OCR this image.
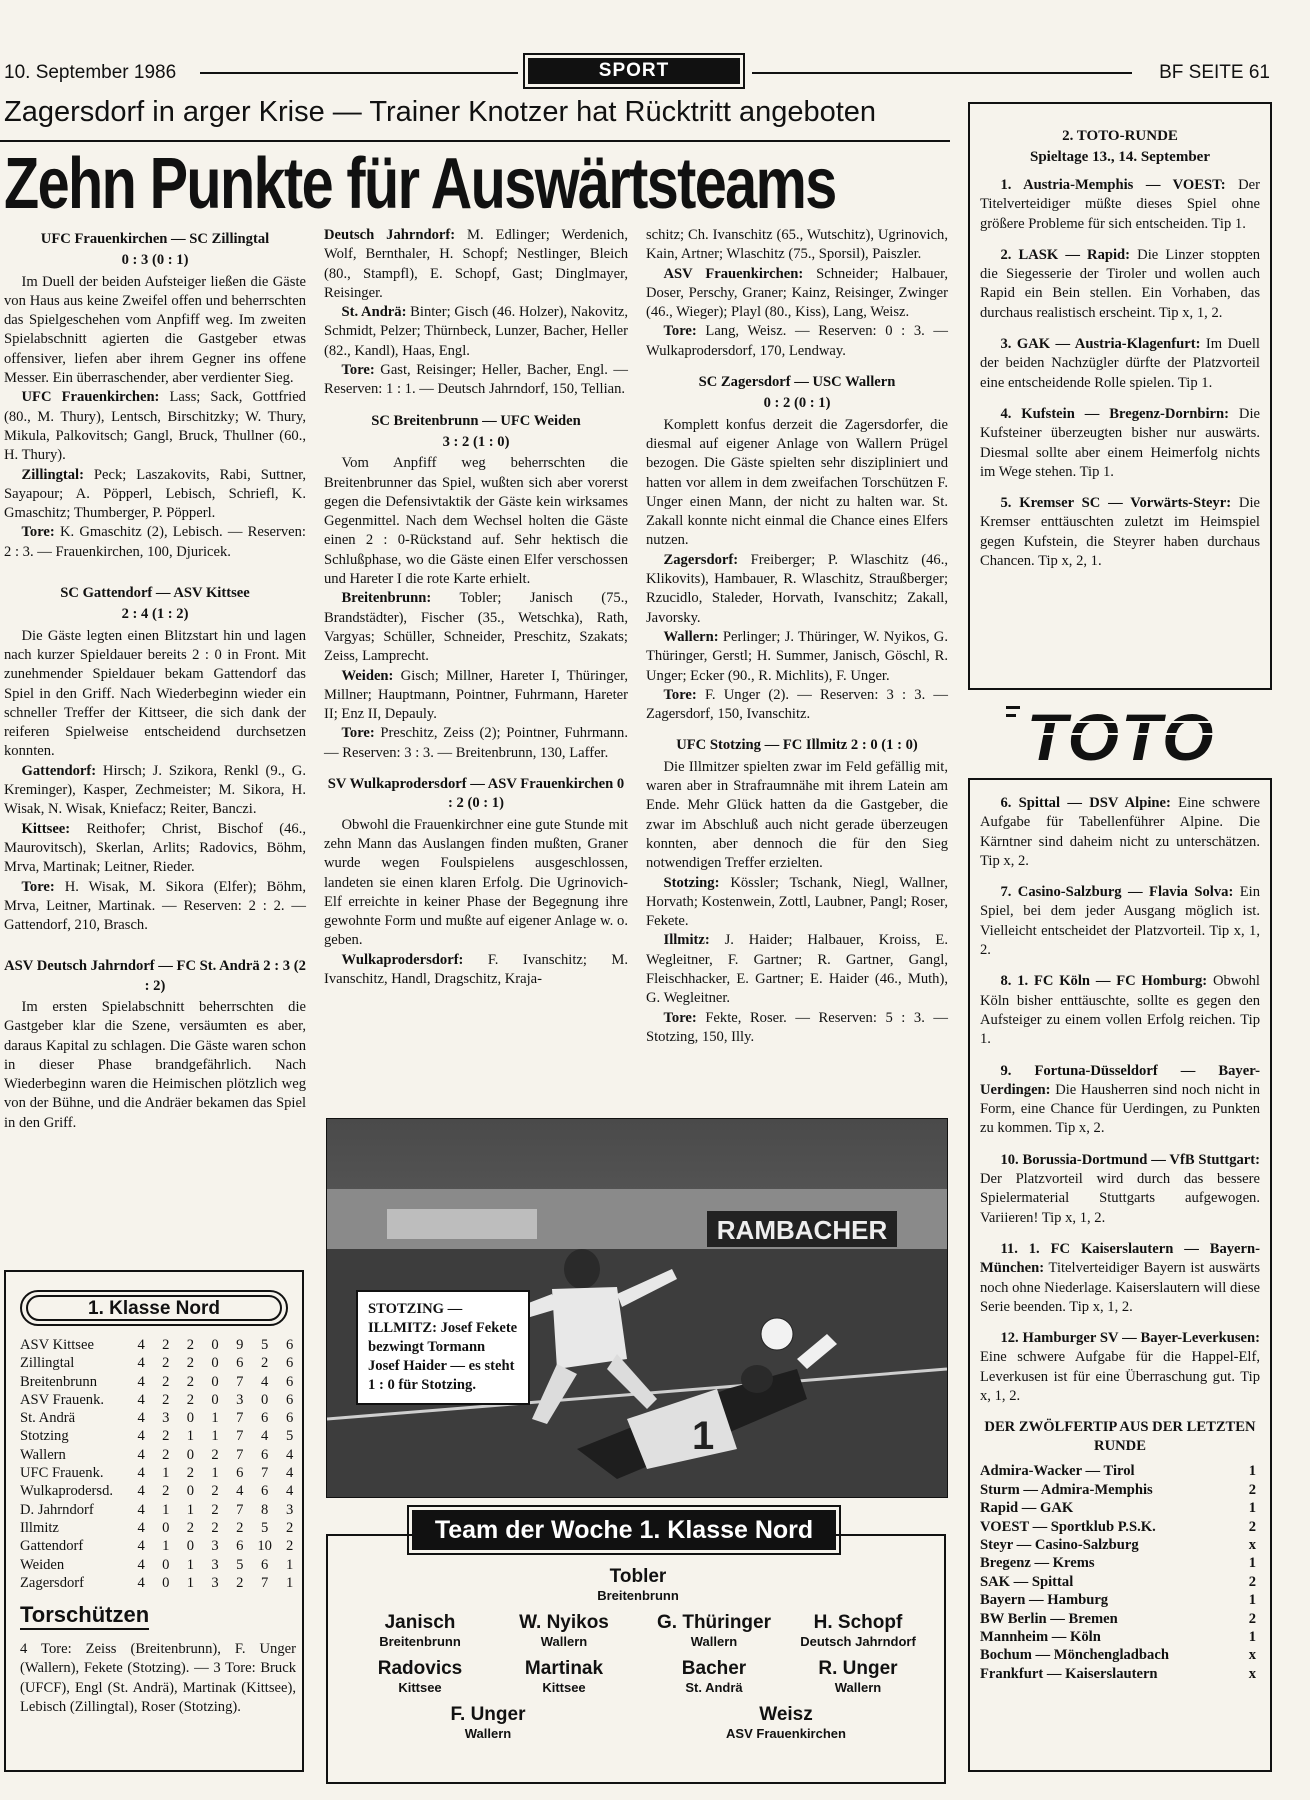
10. September 1986	SPORT	BF SEITE 61
Zagersdorf in arger Krise — Trainer Knotzer hat Rücktritt angeboten
Zehn Punkte für Auswärtsteams
UFC Frauenkirchen — SC Zillingtal
0 : 3 (0 : 1)

Im Duell der beiden Aufsteiger ließen die Gäste von Haus aus keine Zweifel offen und beherrschten das Spielgeschehen vom Anpfiff weg. Im zweiten Spielabschnitt agierten die Gastgeber etwas offensiver, liefen aber ihrem Gegner ins offene Messer. Ein überraschender, aber verdienter Sieg.

UFC Frauenkirchen: Lass; Sack, Gottfried (80., M. Thury), Lentsch, Birschitzky; W. Thury, Mikula, Palkovitsch; Gangl, Bruck, Thullner (60., H. Thury).

Zillingtal: Peck; Laszakovits, Rabi, Suttner, Sayapour; A. Pöpperl, Lebisch, Schriefl, K. Gmaschitz; Thumberger, P. Pöpperl.

Tore: K. Gmaschitz (2), Lebisch. — Reserven: 2 : 3. — Frauenkirchen, 100, Djuricek.

SC Gattendorf — ASV Kittsee
2 : 4 (1 : 2)

Die Gäste legten einen Blitzstart hin und lagen nach kurzer Spieldauer bereits 2 : 0 in Front. Mit zunehmender Spieldauer bekam Gattendorf das Spiel in den Griff. Nach Wiederbeginn wieder ein schneller Treffer der Kittseer, die sich dank der reiferen Spielweise entscheidend durchsetzen konnten.

Gattendorf: Hirsch; J. Szikora, Renkl (9., G. Kreminger), Kasper, Zechmeister; M. Sikora, H. Wisak, N. Wisak, Kniefacz; Reiter, Banczi.

Kittsee: Reithofer; Christ, Bischof (46., Maurovitsch), Skerlan, Arlits; Radovics, Böhm, Mrva, Martinak; Leitner, Rieder.

Tore: H. Wisak, M. Sikora (Elfer); Böhm, Mrva, Leitner, Martinak. — Reserven: 2 : 2. — Gattendorf, 210, Brasch.

ASV Deutsch Jahrndorf — FC St. Andrä 2 : 3 (2 : 2)

Im ersten Spielabschnitt beherrschten die Gastgeber klar die Szene, versäumten es aber, daraus Kapital zu schlagen. Die Gäste waren schon in dieser Phase brandgefährlich. Nach Wiederbeginn waren die Heimischen plötzlich weg von der Bühne, und die Andräer bekamen das Spiel in den Griff.

Deutsch Jahrndorf: M. Edlinger; Werdenich, Wolf, Bernthaler, H. Schopf; Nestlinger, Bleich (80., Stampfl), E. Schopf, Gast; Dinglmayer, Reisinger.

St. Andrä: Binter; Gisch (46. Holzer), Nakovitz, Schmidt, Pelzer; Thürnbeck, Lunzer, Bacher, Heller (82., Kandl), Haas, Engl.

Tore: Gast, Reisinger; Heller, Bacher, Engl. — Reserven: 1 : 1. — Deutsch Jahrndorf, 150, Tellian.

SC Breitenbrunn — UFC Weiden
3 : 2 (1 : 0)

Vom Anpfiff weg beherrschten die Breitenbrunner das Spiel, wußten sich aber vorerst gegen die Defensivtaktik der Gäste kein wirksames Gegenmittel. Nach dem Wechsel holten die Gäste einen 2 : 0-Rückstand auf. Sehr hektisch die Schlußphase, wo die Gäste einen Elfer verschossen und Hareter I die rote Karte erhielt.

Breitenbrunn: Tobler; Janisch (75., Brandstädter), Fischer (35., Wetschka), Rath, Vargyas; Schüller, Schneider, Preschitz, Szakats; Zeiss, Lamprecht.

Weiden: Gisch; Millner, Hareter I, Thüringer, Millner; Hauptmann, Pointner, Fuhrmann, Hareter II; Enz II, Depauly.

Tore: Preschitz, Zeiss (2); Pointner, Fuhrmann. — Reserven: 3 : 3. — Breitenbrunn, 130, Laffer.

SV Wulkaprodersdorf — ASV Frauenkirchen 0 : 2 (0 : 1)

Obwohl die Frauenkirchner eine gute Stunde mit zehn Mann das Auslangen finden mußten, Graner wurde wegen Foulspielens ausgeschlossen, landeten sie einen klaren Erfolg. Die Ugrinovich-Elf erreichte in keiner Phase der Begegnung ihre gewohnte Form und mußte auf eigener Anlage w. o. geben.

Wulkaprodersdorf: F. Ivanschitz; M. Ivanschitz, Handl, Dragschitz, Kraja-

schitz; Ch. Ivanschitz (65., Wutschitz), Ugrinovich, Kain, Artner; Wlaschitz (75., Sporsil), Paiszler.

ASV Frauenkirchen: Schneider; Halbauer, Doser, Perschy, Graner; Kainz, Reisinger, Zwinger (46., Wieger); Playl (80., Kiss), Lang, Weisz.

Tore: Lang, Weisz. — Reserven: 0 : 3. — Wulkaprodersdorf, 170, Lendway.

SC Zagersdorf — USC Wallern
0 : 2 (0 : 1)

Komplett konfus derzeit die Zagersdorfer, die diesmal auf eigener Anlage von Wallern Prügel bezogen. Die Gäste spielten sehr diszipliniert und hatten vor allem in dem zweifachen Torschützen F. Unger einen Mann, der nicht zu halten war. St. Zakall konnte nicht einmal die Chance eines Elfers nutzen.

Zagersdorf: Freiberger; P. Wlaschitz (46., Klikovits), Hambauer, R. Wlaschitz, Straußberger; Rzucidlo, Staleder, Horvath, Ivanschitz; Zakall, Javorsky.

Wallern: Perlinger; J. Thüringer, W. Nyikos, G. Thüringer, Gerstl; H. Summer, Janisch, Göschl, R. Unger; Ecker (90., R. Michlits), F. Unger.

Tore: F. Unger (2). — Reserven: 3 : 3. — Zagersdorf, 150, Ivanschitz.

UFC Stotzing — FC Illmitz 2 : 0 (1 : 0)

Die Illmitzer spielten zwar im Feld gefällig mit, waren aber in Strafraumnähe mit ihrem Latein am Ende. Mehr Glück hatten da die Gastgeber, die zwar im Abschluß auch nicht gerade überzeugen konnten, aber dennoch die für den Sieg notwendigen Treffer erzielten.

Stotzing: Kössler; Tschank, Niegl, Wallner, Horvath; Kostenwein, Zottl, Laubner, Pangl; Roser, Fekete.

Illmitz: J. Haider; Halbauer, Kroiss, E. Wegleitner, F. Gartner; R. Gartner, Gangl, Fleischhacker, E. Gartner; E. Haider (46., Muth), G. Wegleitner.

Tore: Fekte, Roser. — Reserven: 5 : 3. — Stotzing, 150, Illy.

RAMBACHER
1
STOTZING — ILLMITZ: Josef Fekete bezwingt Tormann Josef Haider — es steht 1 : 0 für Stotzing.
1. Klasse Nord
ASV Kittsee	4	2	2	0	9	5	6
Zillingtal	4	2	2	0	6	2	6
Breitenbrunn	4	2	2	0	7	4	6
ASV Frauenk.	4	2	2	0	3	0	6
St. Andrä	4	3	0	1	7	6	6
Stotzing	4	2	1	1	7	4	5
Wallern	4	2	0	2	7	6	4
UFC Frauenk.	4	1	2	1	6	7	4
Wulkaprodersd.	4	2	0	2	4	6	4
D. Jahrndorf	4	1	1	2	7	8	3
Illmitz	4	0	2	2	2	5	2
Gattendorf	4	1	0	3	6	10	2
Weiden	4	0	1	3	5	6	1
Zagersdorf	4	0	1	3	2	7	1
Torschützen
4 Tore: Zeiss (Breitenbrunn), F. Unger (Wallern), Fekete (Stotzing). — 3 Tore: Bruck (UFCF), Engl (St. Andrä), Martinak (Kittsee), Lebisch (Zillingtal), Roser (Stotzing).
Tobler
Breitenbrunn
Janisch
Breitenbrunn
W. Nyikos
Wallern
G. Thüringer
Wallern
H. Schopf
Deutsch Jahrndorf
Radovics
Kittsee
Martinak
Kittsee
Bacher
St. Andrä
R. Unger
Wallern
F. Unger
Wallern
Weisz
ASV Frauenkirchen
Team der Woche 1. Klasse Nord
2. TOTO-RUNDE
Spieltage 13., 14. September

1. Austria-Memphis — VOEST: Der Titelverteidiger müßte dieses Spiel ohne größere Probleme für sich entscheiden. Tip 1.

2. LASK — Rapid: Die Linzer stoppten die Siegesserie der Tiroler und wollen auch Rapid ein Bein stellen. Ein Vorhaben, das durchaus realistisch erscheint. Tip x, 1, 2.

3. GAK — Austria-Klagenfurt: Im Duell der beiden Nachzügler dürfte der Platzvorteil eine entscheidende Rolle spielen. Tip 1.

4. Kufstein — Bregenz-Dornbirn: Die Kufsteiner überzeugten bisher nur auswärts. Diesmal sollte aber einem Heimerfolg nichts im Wege stehen. Tip 1.

5. Kremser SC — Vorwärts-Steyr: Die Kremser enttäuschten zuletzt im Heimspiel gegen Kufstein, die Steyrer haben durchaus Chancen. Tip x, 2, 1.

TOTO

6. Spittal — DSV Alpine: Eine schwere Aufgabe für Tabellenführer Alpine. Die Kärntner sind daheim nicht zu unterschätzen. Tip x, 2.

7. Casino-Salzburg — Flavia Solva: Ein Spiel, bei dem jeder Ausgang möglich ist. Vielleicht entscheidet der Platzvorteil. Tip x, 1, 2.

8. 1. FC Köln — FC Homburg: Obwohl Köln bisher enttäuschte, sollte es gegen den Aufsteiger zu einem vollen Erfolg reichen. Tip 1.

9. Fortuna-Düsseldorf — Bayer-Uerdingen: Die Hausherren sind noch nicht in Form, eine Chance für Uerdingen, zu Punkten zu kommen. Tip x, 2.

10. Borussia-Dortmund — VfB Stuttgart: Der Platzvorteil wird durch das bessere Spielermaterial Stuttgarts aufgewogen. Variieren! Tip x, 1, 2.

11. 1. FC Kaiserslautern — Bayern-München: Titelverteidiger Bayern ist auswärts noch ohne Niederlage. Kaiserslautern will diese Serie beenden. Tip x, 1, 2.

12. Hamburger SV — Bayer-Leverkusen: Eine schwere Aufgabe für die Happel-Elf, Leverkusen ist für eine Überraschung gut. Tip x, 1, 2.

DER ZWÖLFERTIP AUS DER LETZTEN RUNDE
Admira-Wacker — Tirol	1
Sturm — Admira-Memphis	2
Rapid — GAK	1
VOEST — Sportklub P.S.K.	2
Steyr — Casino-Salzburg	x
Bregenz — Krems	1
SAK — Spittal	2
Bayern — Hamburg	1
BW Berlin — Bremen	2
Mannheim — Köln	1
Bochum — Mönchengladbach	x
Frankfurt — Kaiserslautern	x
